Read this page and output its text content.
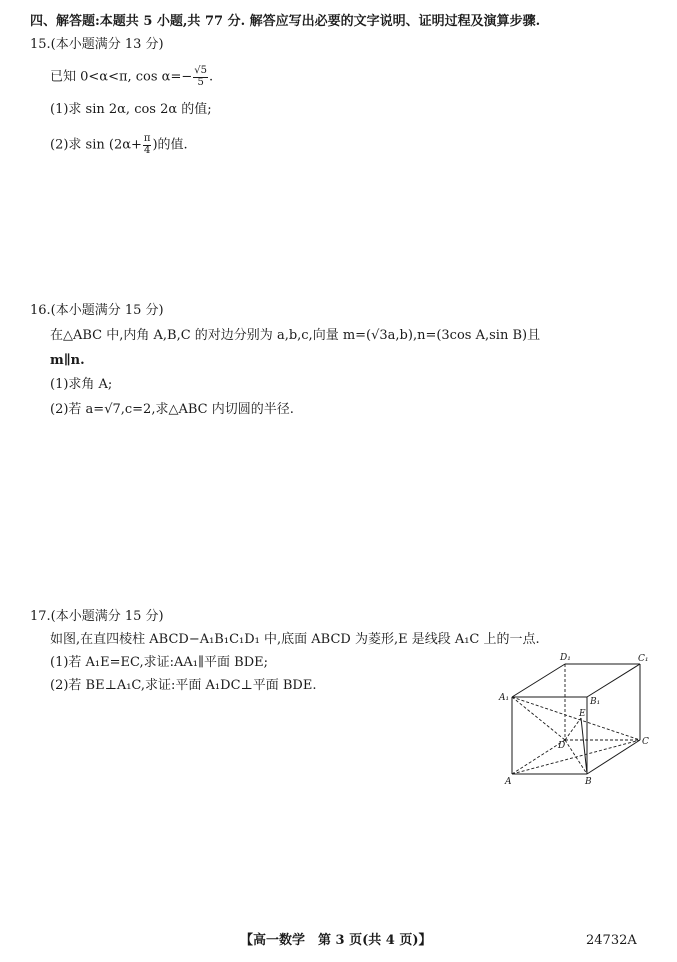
四、解答题:本题共 5 小题,共 77 分. 解答应写出必要的文字说明、证明过程及演算步骤.
15.(本小题满分 13 分)
已知 0<α<π, $\cos \alpha=- \frac{√5}{5}$ .
(1)求 sin 2α, cos 2α 的值;
(2)求 $\sin (2\alpha+ \frac{\pi}{4}$ )的值.
16.(本小题满分 15 分)
在△ABC 中,内角 A,B,C 的对边分别为 a,b,c,向量 m=(√3a,b),n=(3cos A,sin B)且
m∥n.
(1)求角 A;
(2)若 a=√7,c=2,求△ABC 内切圆的半径.
17.(本小题满分 15 分)
如图,在直四棱柱 ABCD−A₁B₁C₁D₁ 中,底面 ABCD 为菱形,E 是线段 A₁C 上的一点.
(1)若 A₁E=EC,求证:AA₁∥平面 BDE;
(2)若 BE⊥A₁C,求证:平面 A₁DC⊥平面 BDE.
D₁	C₁
A₁	B₁
E
D	C
A	B
【高一数学　第 3 页(共 4 页)】	24732A
